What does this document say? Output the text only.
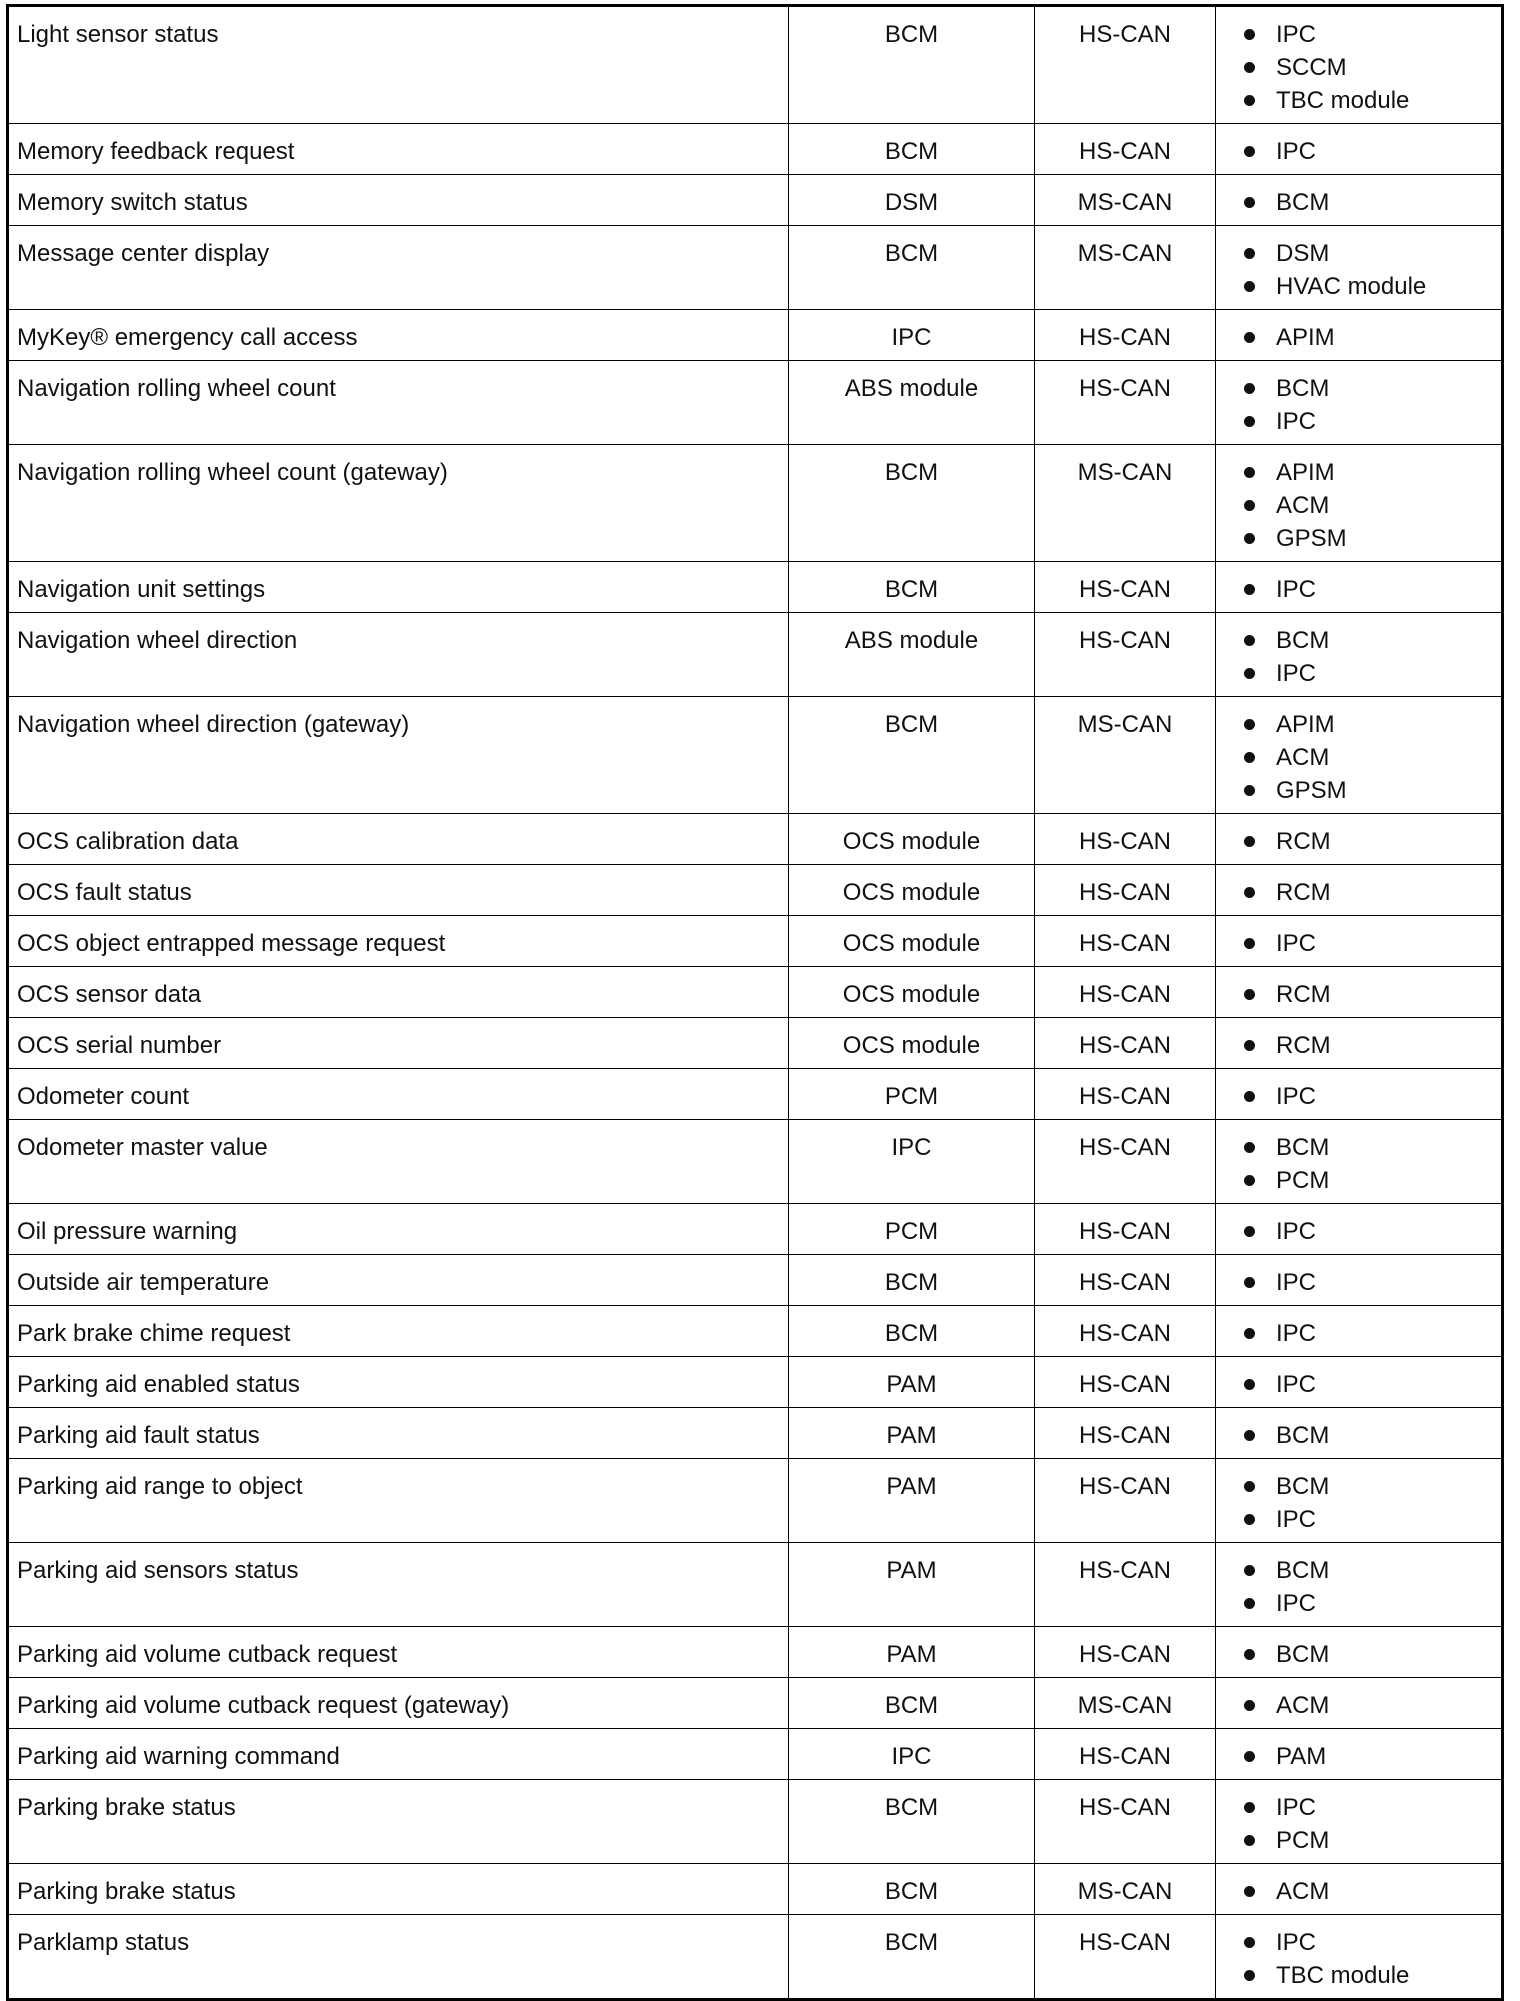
Light sensor status	BCM	HS-CAN	IPC
SCCM
TBC module

Memory feedback request	BCM	HS-CAN	IPC

Memory switch status	DSM	MS-CAN	BCM

Message center display	BCM	MS-CAN	DSM
HVAC module

MyKey® emergency call access	IPC	HS-CAN	APIM

Navigation rolling wheel count	ABS module	HS-CAN	BCM
IPC

Navigation rolling wheel count (gateway)	BCM	MS-CAN	APIM
ACM
GPSM

Navigation unit settings	BCM	HS-CAN	IPC

Navigation wheel direction	ABS module	HS-CAN	BCM
IPC

Navigation wheel direction (gateway)	BCM	MS-CAN	APIM
ACM
GPSM

OCS calibration data	OCS module	HS-CAN	RCM

OCS fault status	OCS module	HS-CAN	RCM

OCS object entrapped message request	OCS module	HS-CAN	IPC

OCS sensor data	OCS module	HS-CAN	RCM

OCS serial number	OCS module	HS-CAN	RCM

Odometer count	PCM	HS-CAN	IPC

Odometer master value	IPC	HS-CAN	BCM
PCM

Oil pressure warning	PCM	HS-CAN	IPC

Outside air temperature	BCM	HS-CAN	IPC

Park brake chime request	BCM	HS-CAN	IPC

Parking aid enabled status	PAM	HS-CAN	IPC

Parking aid fault status	PAM	HS-CAN	BCM

Parking aid range to object	PAM	HS-CAN	BCM
IPC

Parking aid sensors status	PAM	HS-CAN	BCM
IPC

Parking aid volume cutback request	PAM	HS-CAN	BCM

Parking aid volume cutback request (gateway)	BCM	MS-CAN	ACM

Parking aid warning command	IPC	HS-CAN	PAM

Parking brake status	BCM	HS-CAN	IPC
PCM

Parking brake status	BCM	MS-CAN	ACM

Parklamp status	BCM	HS-CAN	IPC
TBC module
